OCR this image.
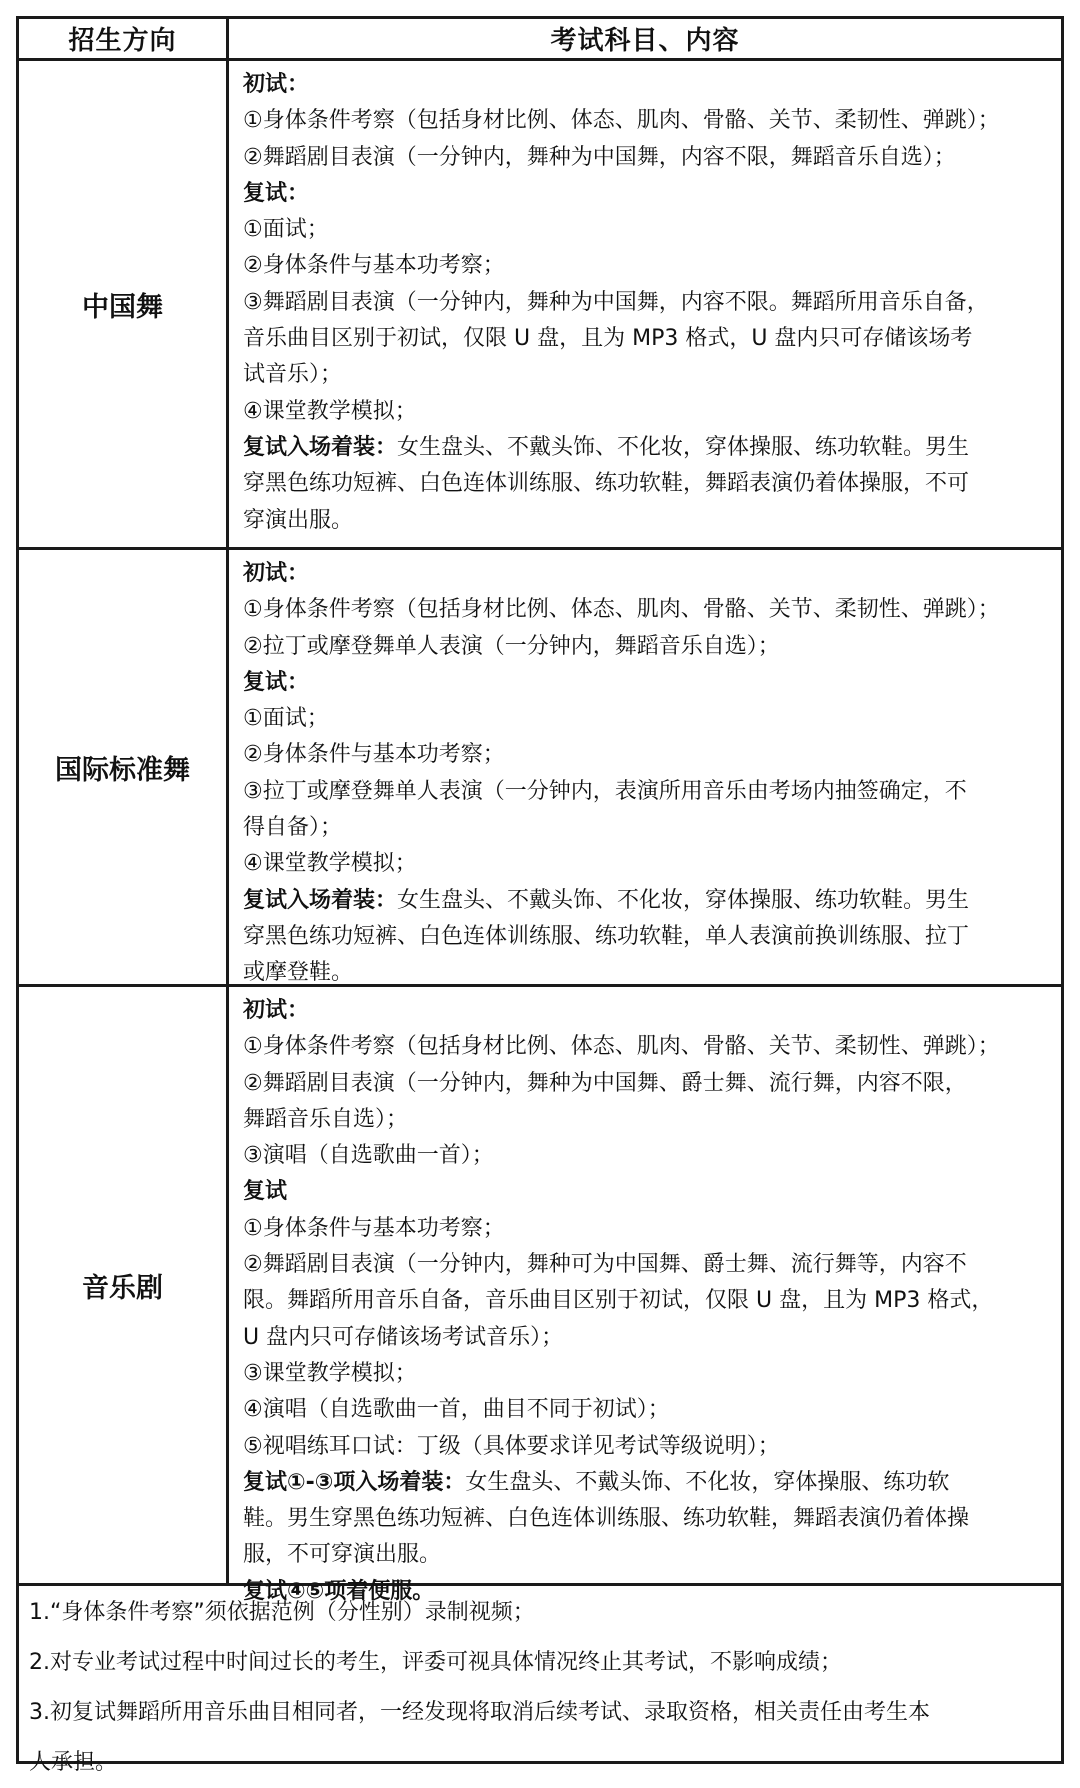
招生方向	考试科目、内容
中国舞
初试：
①身体条件考察（包括身材比例、体态、肌肉、骨骼、关节、柔韧性、弹跳）；
②舞蹈剧目表演（一分钟内，舞种为中国舞，内容不限，舞蹈音乐自选）；
复试：
①面试；
②身体条件与基本功考察；
③舞蹈剧目表演（一分钟内，舞种为中国舞，内容不限。舞蹈所用音乐自备，
音乐曲目区别于初试，仅限 U 盘，且为 MP3 格式，U 盘内只可存储该场考
试音乐）；
④课堂教学模拟；
复试入场着装：女生盘头、不戴头饰、不化妆，穿体操服、练功软鞋。男生
穿黑色练功短裤、白色连体训练服、练功软鞋，舞蹈表演仍着体操服，不可
穿演出服。
国际标准舞
初试：
①身体条件考察（包括身材比例、体态、肌肉、骨骼、关节、柔韧性、弹跳）；
②拉丁或摩登舞单人表演（一分钟内，舞蹈音乐自选）；
复试：
①面试；
②身体条件与基本功考察；
③拉丁或摩登舞单人表演（一分钟内，表演所用音乐由考场内抽签确定，不
得自备）；
④课堂教学模拟；
复试入场着装：女生盘头、不戴头饰、不化妆，穿体操服、练功软鞋。男生
穿黑色练功短裤、白色连体训练服、练功软鞋，单人表演前换训练服、拉丁
或摩登鞋。
音乐剧
初试：
①身体条件考察（包括身材比例、体态、肌肉、骨骼、关节、柔韧性、弹跳）；
②舞蹈剧目表演（一分钟内，舞种为中国舞、爵士舞、流行舞，内容不限，
舞蹈音乐自选）；
③演唱（自选歌曲一首）；
复试
①身体条件与基本功考察；
②舞蹈剧目表演（一分钟内，舞种可为中国舞、爵士舞、流行舞等，内容不
限。舞蹈所用音乐自备，音乐曲目区别于初试，仅限 U 盘，且为 MP3 格式，
U 盘内只可存储该场考试音乐）；
③课堂教学模拟；
④演唱（自选歌曲一首，曲目不同于初试）；
⑤视唱练耳口试：丁级（具体要求详见考试等级说明）；
复试①-③项入场着装：女生盘头、不戴头饰、不化妆，穿体操服、练功软
鞋。男生穿黑色练功短裤、白色连体训练服、练功软鞋，舞蹈表演仍着体操
服，不可穿演出服。
复试④⑤项着便服。
1.“身体条件考察”须依据范例（分性别）录制视频；
2.对专业考试过程中时间过长的考生，评委可视具体情况终止其考试，不影响成绩；
3.初复试舞蹈所用音乐曲目相同者，一经发现将取消后续考试、录取资格，相关责任由考生本
人承担。
